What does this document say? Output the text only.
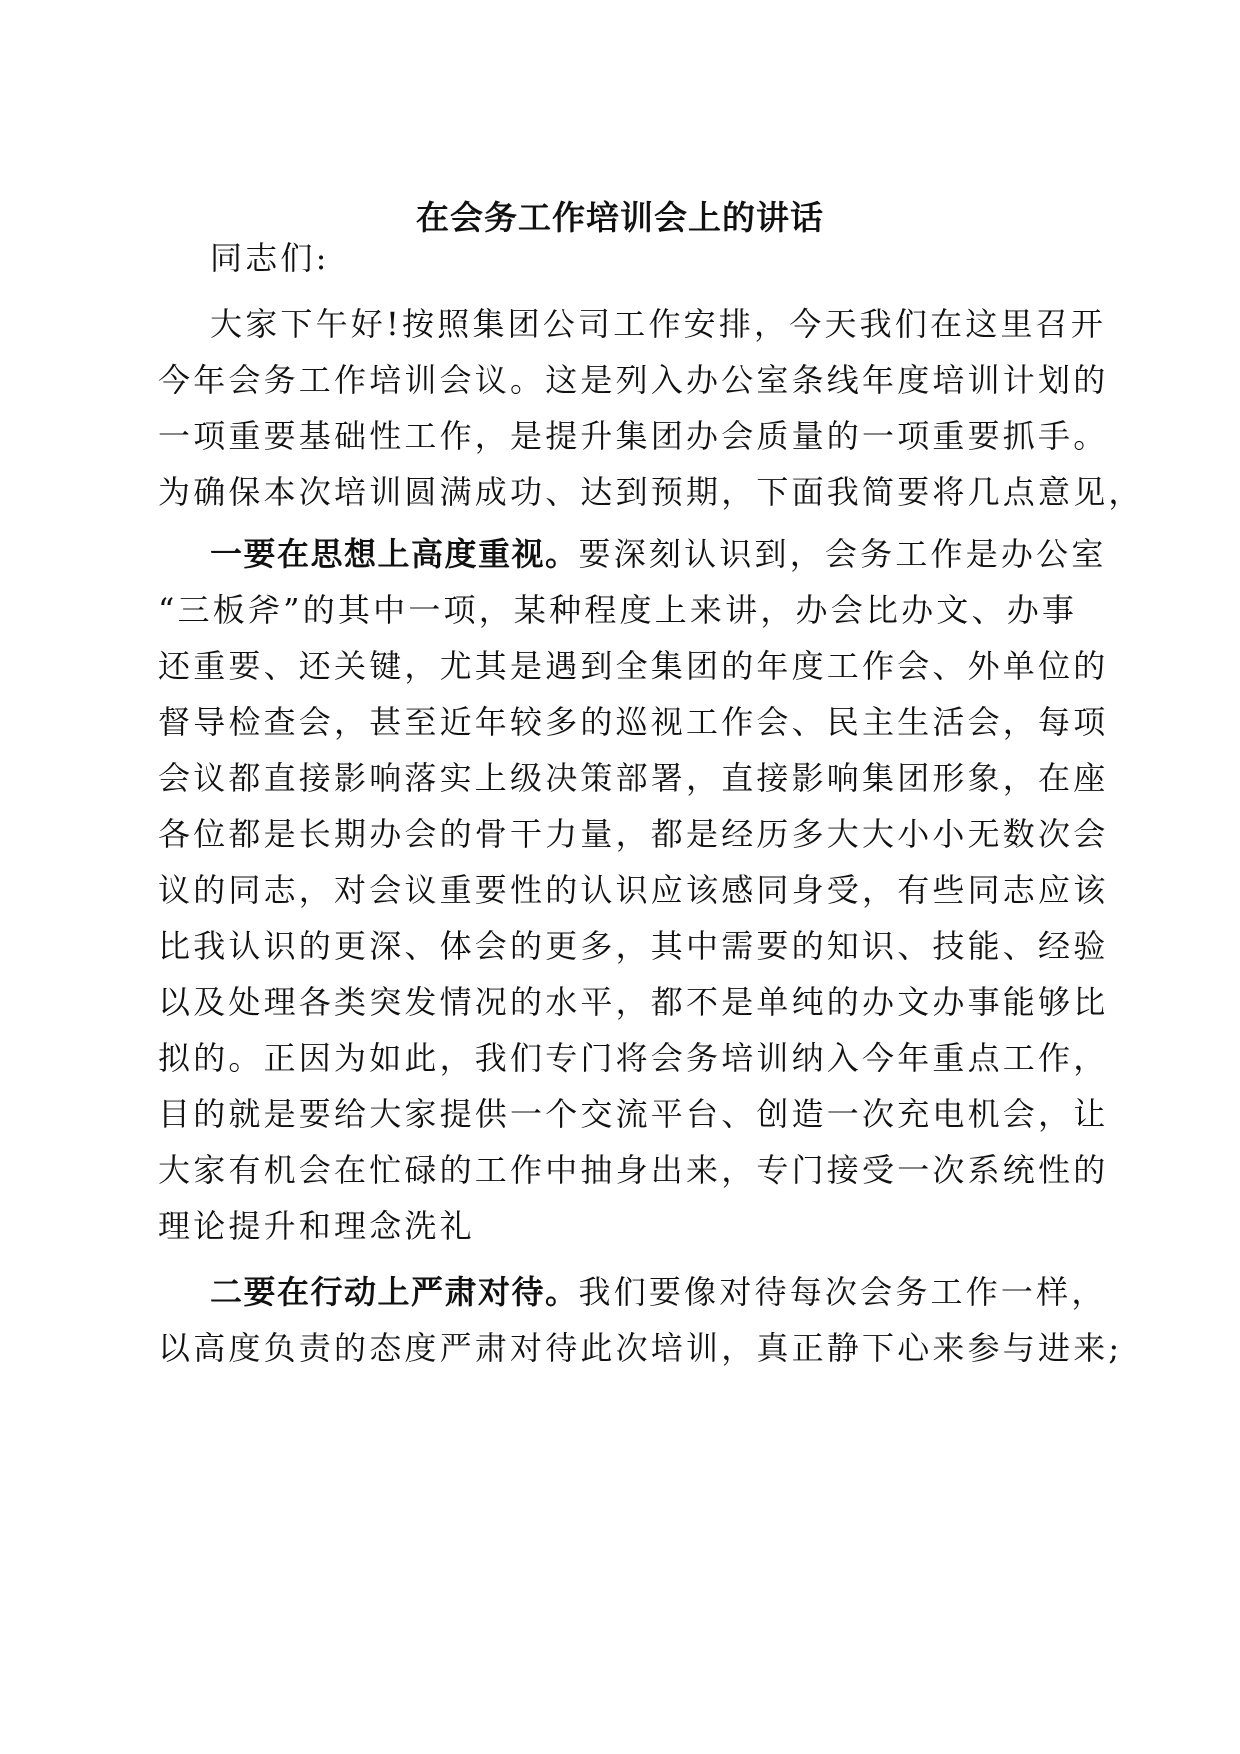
在会务工作培训会上的讲话

同志们:

大家下午好!按照集团公司工作安排，今天我们在这里召开

今年会务工作培训会议。这是列入办公室条线年度培训计划的

一项重要基础性工作，是提升集团办会质量的一项重要抓手。

为确保本次培训圆满成功、达到预期，下面我简要将几点意见，

一要在思想上高度重视。要深刻认识到，会务工作是办公室

“三板斧”的其中一项，某种程度上来讲，办会比办文、办事

还重要、还关键，尤其是遇到全集团的年度工作会、外单位的

督导检查会，甚至近年较多的巡视工作会、民主生活会，每项

会议都直接影响落实上级决策部署，直接影响集团形象，在座

各位都是长期办会的骨干力量，都是经历多大大小小无数次会

议的同志，对会议重要性的认识应该感同身受，有些同志应该

比我认识的更深、体会的更多，其中需要的知识、技能、经验

以及处理各类突发情况的水平，都不是单纯的办文办事能够比

拟的。正因为如此，我们专门将会务培训纳入今年重点工作，

目的就是要给大家提供一个交流平台、创造一次充电机会，让

大家有机会在忙碌的工作中抽身出来，专门接受一次系统性的

理论提升和理念洗礼

二要在行动上严肃对待。我们要像对待每次会务工作一样，

以高度负责的态度严肃对待此次培训，真正静下心来参与进来;
